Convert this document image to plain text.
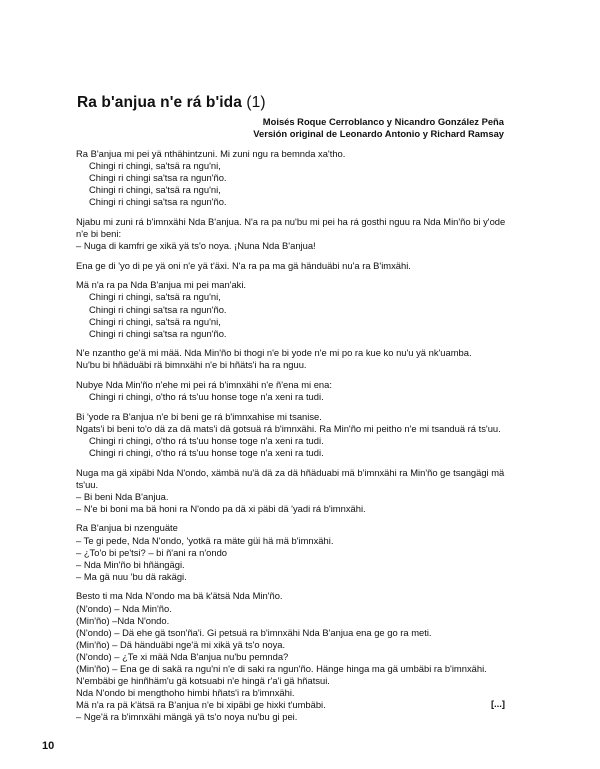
Ra b'anjua n'e rá b'ida (1)
Moisés Roque Cerroblanco y Nicandro González Peña
Versión original de Leonardo Antonio y Richard Ramsay
Ra B'anjua mi pei yä nthähintzuni. Mi zuni ngu ra bemnda xa'tho.
Chingi ri chingi, sa'tsä ra ngu'ni,
Chingi ri chingi sa'tsa ra ngun'ño.
Chingi ri chingi, sa'tsä ra ngu'ni,
Chingi ri chingi sa'tsa ra ngun'ño.
Njabu mi zuni rá b'imnxähi Nda B'anjua. N'a ra pa nu'bu mi pei ha rá gosthi nguu ra Nda Min'ño bi y'ode n'e bi beni:
– Nuga di kamfri ge xikä yä ts'o noya. ¡Nuna Nda B'anjua!
Ena ge di 'yo di pe yä oni n'e yä t'äxi. N'a ra pa ma gä händuäbi nu'a ra B'imxähi.
Mä n'a ra pa Nda B'anjua mi pei man'aki.
Chingi ri chingi, sa'tsä ra ngu'ni,
Chingi ri chingi sa'tsa ra ngun'ño.
Chingi ri chingi, sa'tsä ra ngu'ni,
Chingi ri chingi sa'tsa ra ngun'ño.
N'e nzantho ge'ä mi mää. Nda Min'ño bi thogi n'e bi yode n'e mi po ra kue ko nu'u yä nk'uamba.
Nu'bu bi hñäduäbi rä bimnxähi n'e bi hñäts'i ha ra nguu.
Nubye Nda Min'ño n'ehe mi pei rá b'imnxähi n'e ñ'ena mi ena:
Chingi ri chingi, o'tho rá ts'uu honse toge n'a xeni ra tudi.
Bi 'yode ra B'anjua n'e bi beni ge rá b'imnxahise mi tsanise.
Ngats'i bi beni to'o dä za dä mats'i dä gotsuä rá b'imnxähi. Ra Min'ño mi peitho n'e mi tsanduä rá ts'uu.
Chingi ri chingi, o'tho rá ts'uu honse toge n'a xeni ra tudi.
Chingi ri chingi, o'tho rá ts'uu honse toge n'a xeni ra tudi.
Nuga ma gä xipäbi Nda N'ondo, xämbä nu'ä dä za dä hñäduabi mä b'imnxähi ra Min'ño ge tsangägi mä ts'uu.
– Bi beni Nda B'anjua.
– N'e bi boni ma bä honi ra N'ondo pa dä xi päbi dä 'yadi rá b'imnxähi.
Ra B'anjua bi nzenguäte
– Te gi pede, Nda N'ondo, 'yotkä ra mäte güi hä mä b'imnxähi.
– ¿To'o bi pe'tsi? – bi ñ'ani ra n'ondo
– Nda Min'ño bi hñängägi.
– Ma gä nuu 'bu dä rakägi.
Besto ti ma Nda N'ondo ma bä k'ätsä Nda Min'ño.
(N'ondo) – Nda Min'ño.
(Min'ño) –Nda N'ondo.
(N'ondo) – Dä ehe gä tson'ña'i. Gi petsuä ra b'imnxähi Nda B'anjua ena ge go ra meti.
(Min'ño) – Dä händuäbi nge'ä mi xikä yä ts'o noya.
(N'ondo) – ¿Te xi mää Nda B'anjua nu'bu pemnda?
(Min'ño) – Ena ge di sakä ra ngu'ni n'e di saki ra ngun'ño. Hänge hinga ma gä umbäbi ra b'imnxähi.
N'embäbi ge hinñhäm'u gä kotsuabi n'e hingä r'a'i gä hñatsui.
Nda N'ondo bi mengthoho himbi hñats'i ra b'imnxähi.
Mä n'a ra pä k'ätsä ra B'anjua n'e bi xipäbi ge hixki t'umbäbi.
– Nge'ä ra b'imnxähi mängä yä ts'o noya nu'bu gi pei.
[...]
10
